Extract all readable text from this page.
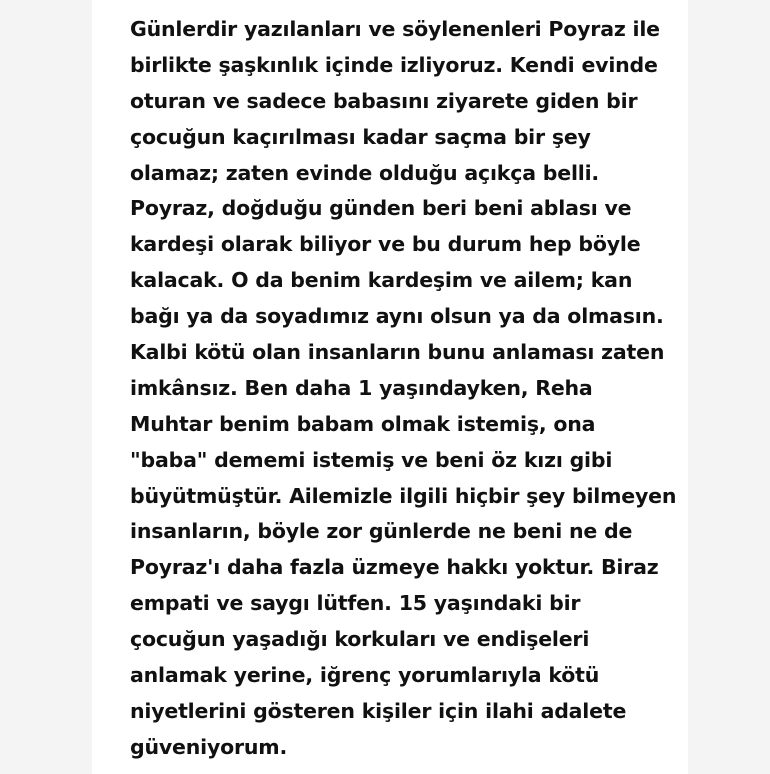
Günlerdir yazılanları ve söylenenleri Poyraz ile
birlikte şaşkınlık içinde izliyoruz. Kendi evinde
oturan ve sadece babasını ziyarete giden bir
çocuğun kaçırılması kadar saçma bir şey
olamaz; zaten evinde olduğu açıkça belli.
Poyraz, doğduğu günden beri beni ablası ve
kardeşi olarak biliyor ve bu durum hep böyle
kalacak. O da benim kardeşim ve ailem; kan
bağı ya da soyadımız aynı olsun ya da olmasın.
Kalbi kötü olan insanların bunu anlaması zaten
imkânsız. Ben daha 1 yaşındayken, Reha
Muhtar benim babam olmak istemiş, ona
"baba" dememi istemiş ve beni öz kızı gibi
büyütmüştür. Ailemizle ilgili hiçbir şey bilmeyen
insanların, böyle zor günlerde ne beni ne de
Poyraz'ı daha fazla üzmeye hakkı yoktur. Biraz
empati ve saygı lütfen. 15 yaşındaki bir
çocuğun yaşadığı korkuları ve endişeleri
anlamak yerine, iğrenç yorumlarıyla kötü
niyetlerini gösteren kişiler için ilahi adalete
güveniyorum.
